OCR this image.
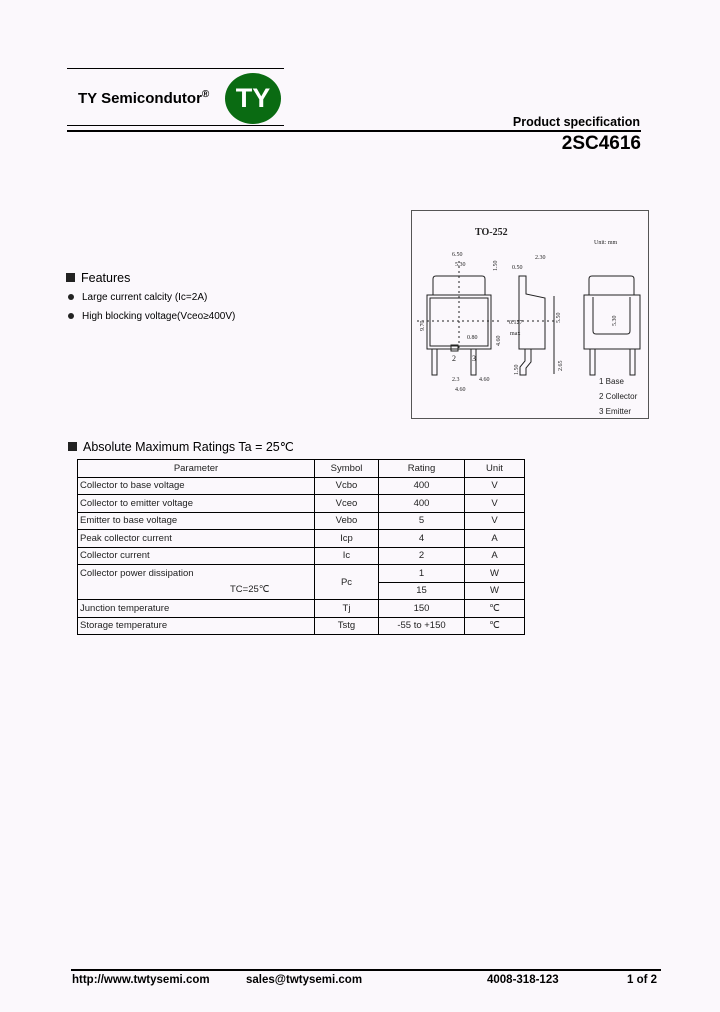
TY Semicondutor® TY
Product specification
2SC4616
TO-252
Unit: mm
6.50
5.30	1.50 0.50
2.30
9.70
0.80
0.127
max
4.60
2.3	4.60
5.50
1.50	2.65
5.30
4.60
2 3
1 Base
2 Collector
3 Emitter
Features
Large current calcity (Ic=2A)
High blocking voltage(Vceo≥400V)
Absolute Maximum Ratings Ta = 25℃
Parameter	Symbol	Rating	Unit
Collector to base voltage	Vcbo	400	V
Collector to emitter voltage	Vceo	400	V
Emitter to base voltage	Vebo	5	V
Peak collector current	Icp	4	A
Collector current	Ic	2	A

Collector power dissipation
TC=25℃	Pc	1	W
		15	W
Junction temperature	Tj	150	℃
Storage temperature	Tstg	-55 to +150	℃
http://www.twtysemi.com	sales@twtysemi.com	4008-318-123	1 of 2
